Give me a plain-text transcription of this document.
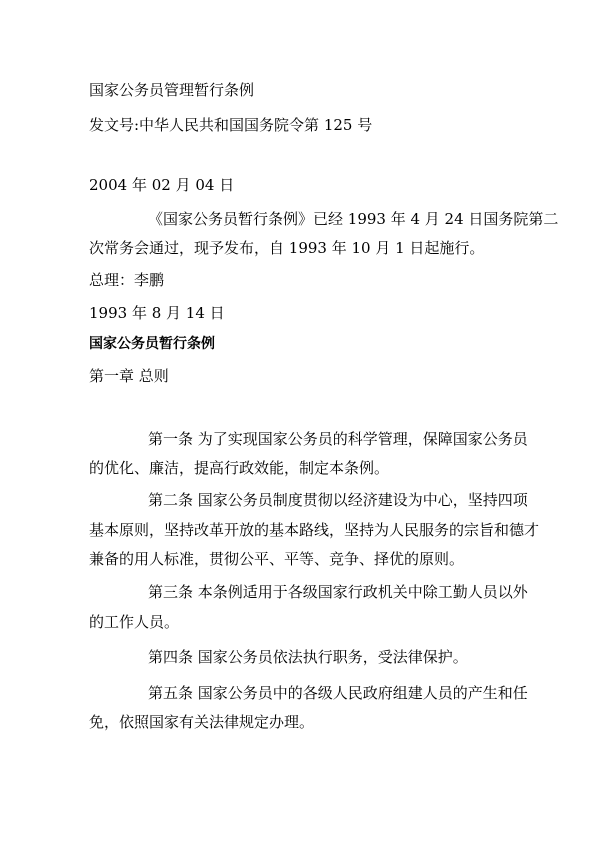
国家公务员管理暂行条例
发文号:中华人民共和国国务院令第 125 号
2004 年 02 月 04 日
《国家公务员暂行条例》已经 1993 年 4 月 24 日国务院第二
次常务会通过，现予发布，自 1993 年 10 月 1 日起施行。
总理：李鹏
1993 年 8 月 14 日
国家公务员暂行条例
第一章 总则
第一条 为了实现国家公务员的科学管理，保障国家公务员
的优化、廉洁，提高行政效能，制定本条例。
第二条 国家公务员制度贯彻以经济建设为中心，坚持四项
基本原则，坚持改革开放的基本路线，坚持为人民服务的宗旨和德才
兼备的用人标准，贯彻公平、平等、竞争、择优的原则。
第三条 本条例适用于各级国家行政机关中除工勤人员以外
的工作人员。
第四条 国家公务员依法执行职务，受法律保护。
第五条 国家公务员中的各级人民政府组建人员的产生和任
免，依照国家有关法律规定办理。
